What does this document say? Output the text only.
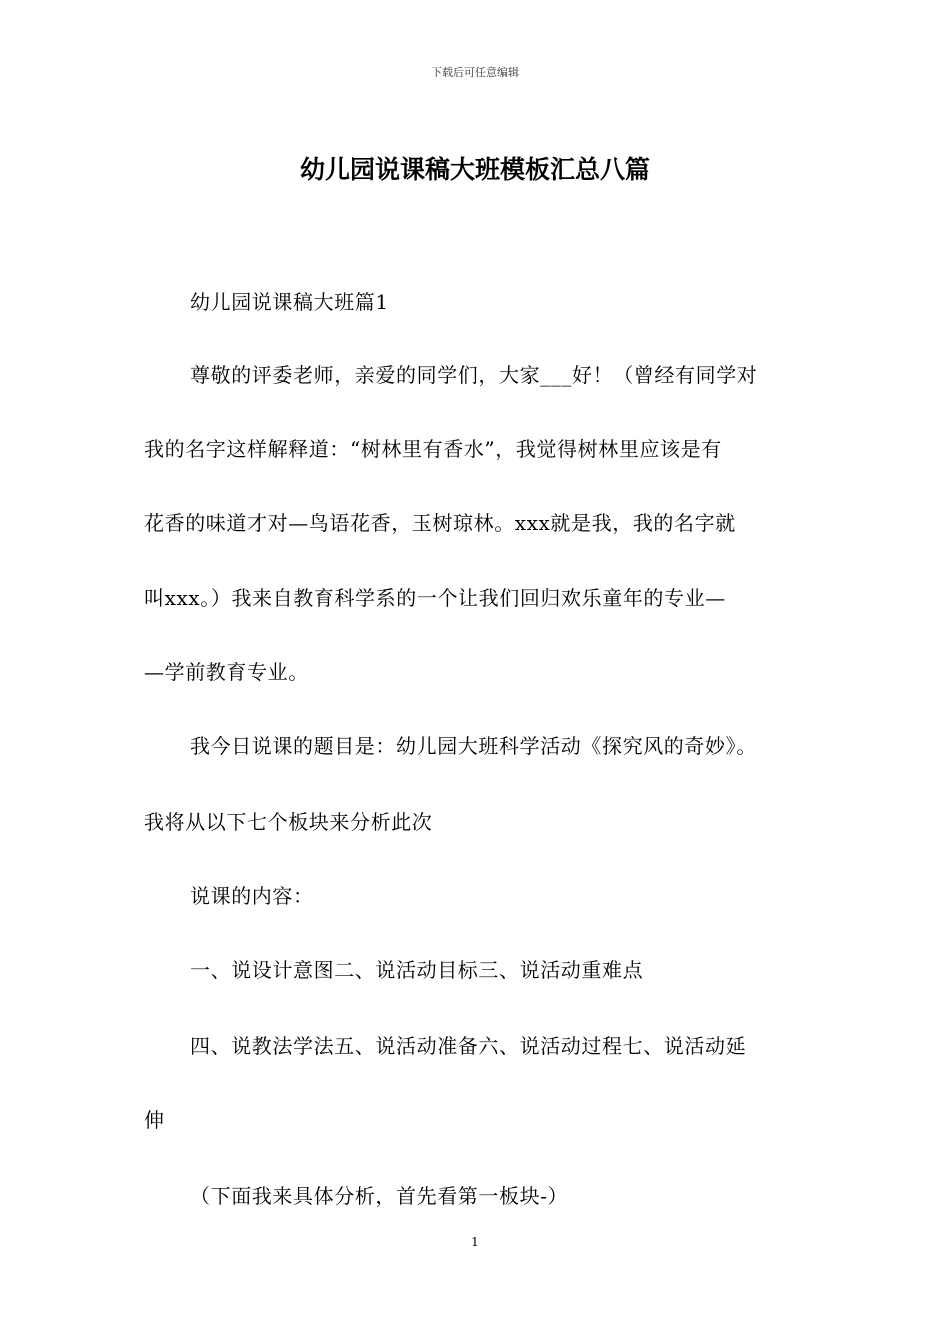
下载后可任意编辑
幼儿园说课稿大班模板汇总八篇
幼儿园说课稿大班篇1
尊敬的评委老师，亲爱的同学们，大家___好！（曾经有同学对
我的名字这样解释道：“树林里有香水”，我觉得树林里应该是有
花香的味道才对—鸟语花香，玉树琼林。xxx就是我，我的名字就
叫xxx。）我来自教育科学系的一个让我们回归欢乐童年的专业—
—学前教育专业。
我今日说课的题目是：幼儿园大班科学活动《探究风的奇妙》。
我将从以下七个板块来分析此次
说课的内容：
一、说设计意图二、说活动目标三、说活动重难点
四、说教法学法五、说活动准备六、说活动过程七、说活动延
伸
（下面我来具体分析，首先看第一板块-）
1
